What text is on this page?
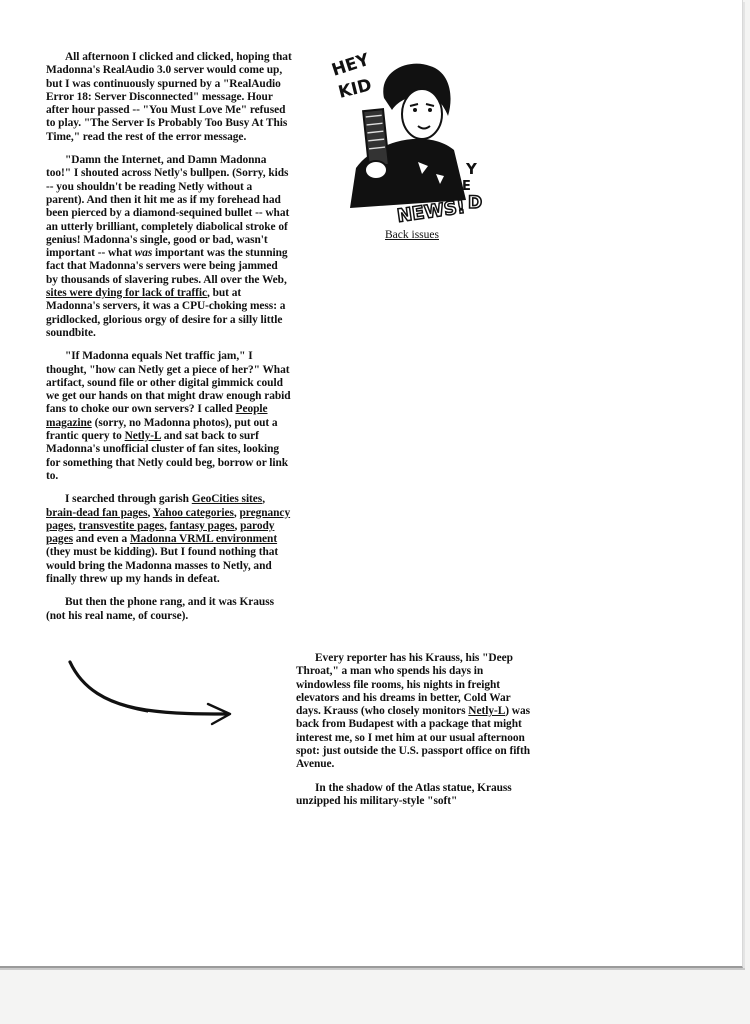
All afternoon I clicked and clicked, hoping that Madonna's RealAudio 3.0 server would come up, but I was continuously spurned by a "RealAudio Error 18: Server Disconnected" message. Hour after hour passed -- "You Must Love Me" refused to play. "The Server Is Probably Too Busy At This Time," read the rest of the error message.

"Damn the Internet, and Damn Madonna too!" I shouted across Netly's bullpen. (Sorry, kids -- you shouldn't be reading Netly without a parent). And then it hit me as if my forehead had been pierced by a diamond-sequined bullet -- what an utterly brilliant, completely diabolical stroke of genius! Madonna's single, good or bad, wasn't important -- what was important was the stunning fact that Madonna's servers were being jammed by thousands of slavering rubes. All over the Web, sites were dying for lack of traffic, but at Madonna's servers, it was a CPU-choking mess: a gridlocked, glorious orgy of desire for a silly little soundbite.

"If Madonna equals Net traffic jam," I thought, "how can Netly get a piece of her?" What artifact, sound file or other digital gimmick could we get our hands on that might draw enough rabid fans to choke our own servers? I called People magazine (sorry, no Madonna photos), put out a frantic query to Netly-L and sat back to surf Madonna's unofficial cluster of fan sites, looking for something that Netly could beg, borrow or link to.

I searched through garish GeoCities sites, brain-dead fan pages, Yahoo categories, pregnancy pages, transvestite pages, fantasy pages, parody pages and even a Madonna VRML environment (they must be kidding). But I found nothing that would bring the Madonna masses to Netly, and finally threw up my hands in defeat.

But then the phone rang, and it was Krauss (not his real name, of course).

HEY
KID
Y
E
D
NEWS!
Back issues

Every reporter has his Krauss, his "Deep Throat," a man who spends his days in windowless file rooms, his nights in freight elevators and his dreams in better, Cold War days. Krauss (who closely monitors Netly-L) was back from Budapest with a package that might interest me, so I met him at our usual afternoon spot: just outside the U.S. passport office on fifth Avenue.

In the shadow of the Atlas statue, Krauss unzipped his military-style "soft"
